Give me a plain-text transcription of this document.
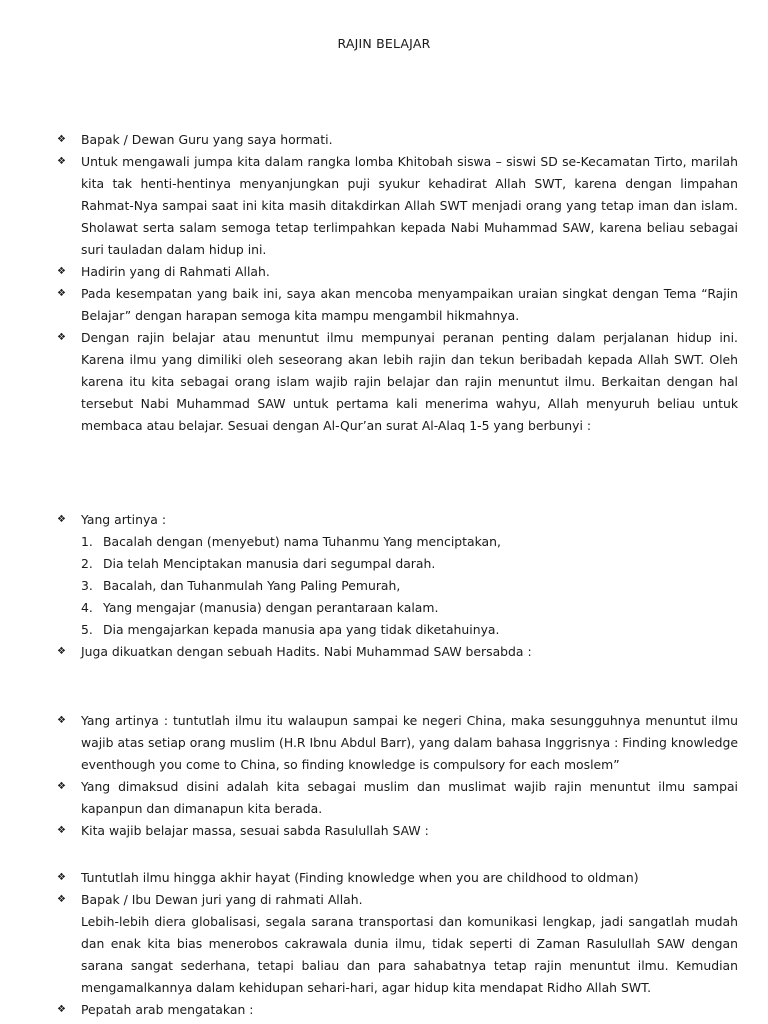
RAJIN BELAJAR
❖ Bapak / Dewan Guru yang saya hormati.
❖ Untuk mengawali jumpa kita dalam rangka lomba Khitobah siswa – siswi SD se-Kecamatan Tirto, marilah kita tak henti-hentinya menyanjungkan puji syukur kehadirat Allah SWT, karena dengan limpahan Rahmat-Nya sampai saat ini kita masih ditakdirkan Allah SWT menjadi orang yang tetap iman dan islam. Sholawat serta salam semoga tetap terlimpahkan kepada Nabi Muhammad SAW, karena beliau sebagai suri tauladan dalam hidup ini.
❖ Hadirin yang di Rahmati Allah.
❖ Pada kesempatan yang baik ini, saya akan mencoba menyampaikan uraian singkat dengan Tema “Rajin Belajar” dengan harapan semoga kita mampu mengambil hikmahnya.
❖ Dengan rajin belajar atau menuntut ilmu mempunyai peranan penting dalam perjalanan hidup ini. Karena ilmu yang dimiliki oleh seseorang akan lebih rajin dan tekun beribadah kepada Allah SWT. Oleh karena itu kita sebagai orang islam wajib rajin belajar dan rajin menuntut ilmu. Berkaitan dengan hal tersebut Nabi Muhammad SAW untuk pertama kali menerima wahyu, Allah menyuruh beliau untuk membaca atau belajar. Sesuai dengan Al-Qur’an surat Al-Alaq 1-5 yang berbunyi :
❖ Yang artinya :
1. Bacalah dengan (menyebut) nama Tuhanmu Yang menciptakan,
2. Dia telah Menciptakan manusia dari segumpal darah.
3. Bacalah, dan Tuhanmulah Yang Paling Pemurah,
4. Yang mengajar (manusia) dengan perantaraan kalam.
5. Dia mengajarkan kepada manusia apa yang tidak diketahuinya.
❖ Juga dikuatkan dengan sebuah Hadits. Nabi Muhammad SAW bersabda :
❖ Yang artinya : tuntutlah ilmu itu walaupun sampai ke negeri China, maka sesungguhnya menuntut ilmu wajib atas setiap orang muslim (H.R Ibnu Abdul Barr), yang dalam bahasa Inggrisnya : Finding knowledge eventhough you come to China, so finding knowledge is compulsory for each moslem”
❖ Yang dimaksud disini adalah kita sebagai muslim dan muslimat wajib rajin menuntut ilmu sampai kapanpun dan dimanapun kita berada.
❖ Kita wajib belajar massa, sesuai sabda Rasulullah SAW :
❖ Tuntutlah ilmu hingga akhir hayat (Finding knowledge when you are childhood to oldman)
❖ Bapak / Ibu Dewan juri yang di rahmati Allah.
Lebih-lebih diera globalisasi, segala sarana transportasi dan komunikasi lengkap, jadi sangatlah mudah dan enak kita bias menerobos cakrawala dunia ilmu, tidak seperti di Zaman Rasulullah SAW dengan sarana sangat sederhana, tetapi baliau dan para sahabatnya tetap rajin menuntut ilmu. Kemudian mengamalkannya dalam kehidupan sehari-hari, agar hidup kita mendapat Ridho Allah SWT.
❖ Pepatah arab mengatakan :
